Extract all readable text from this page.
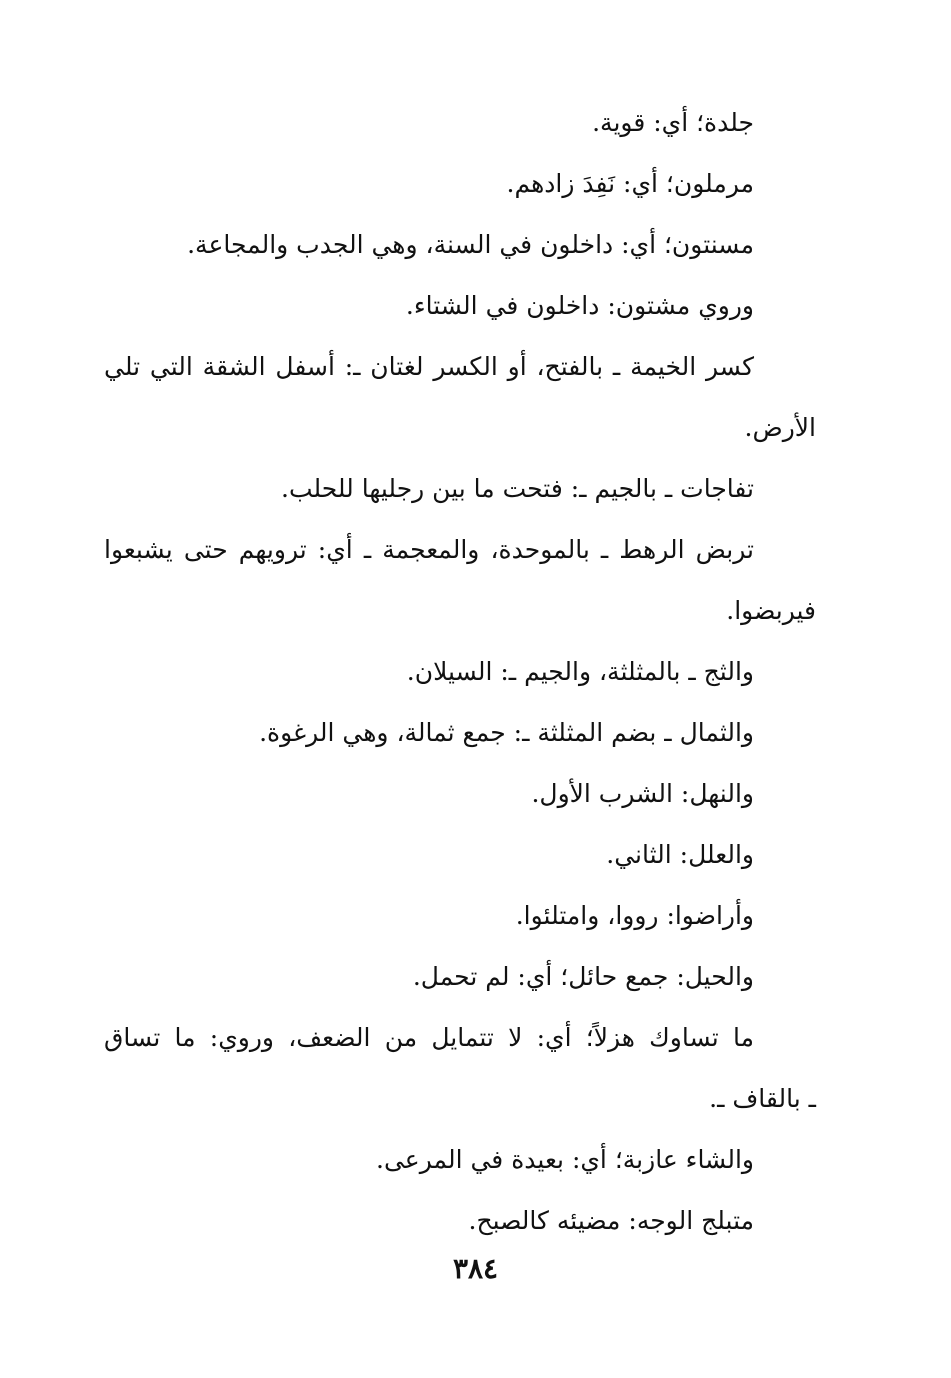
جلدة؛ أي: قوية.
مرملون؛ أي: نَفِدَ زادهم.
مسنتون؛ أي: داخلون في السنة، وهي الجدب والمجاعة.
وروي مشتون: داخلون في الشتاء.
كسر الخيمة ـ بالفتح، أو الكسر لغتان ـ: أسفل الشقة التي تلي
الأرض.
تفاجات ـ بالجيم ـ: فتحت ما بين رجليها للحلب.
تربض الرهط ـ بالموحدة، والمعجمة ـ أي: ترويهم حتى يشبعوا
فيربضوا.
والثج ـ بالمثلثة، والجيم ـ: السيلان.
والثمال ـ بضم المثلثة ـ: جمع ثمالة، وهي الرغوة.
والنهل: الشرب الأول.
والعلل: الثاني.
وأراضوا: رووا، وامتلئوا.
والحيل: جمع حائل؛ أي: لم تحمل.
ما تساوك هزلاً؛ أي: لا تتمايل من الضعف، وروي: ما تساق
ـ بالقاف ـ.
والشاء عازبة؛ أي: بعيدة في المرعى.
متبلج الوجه: مضيئه كالصبح.
٣٨٤
